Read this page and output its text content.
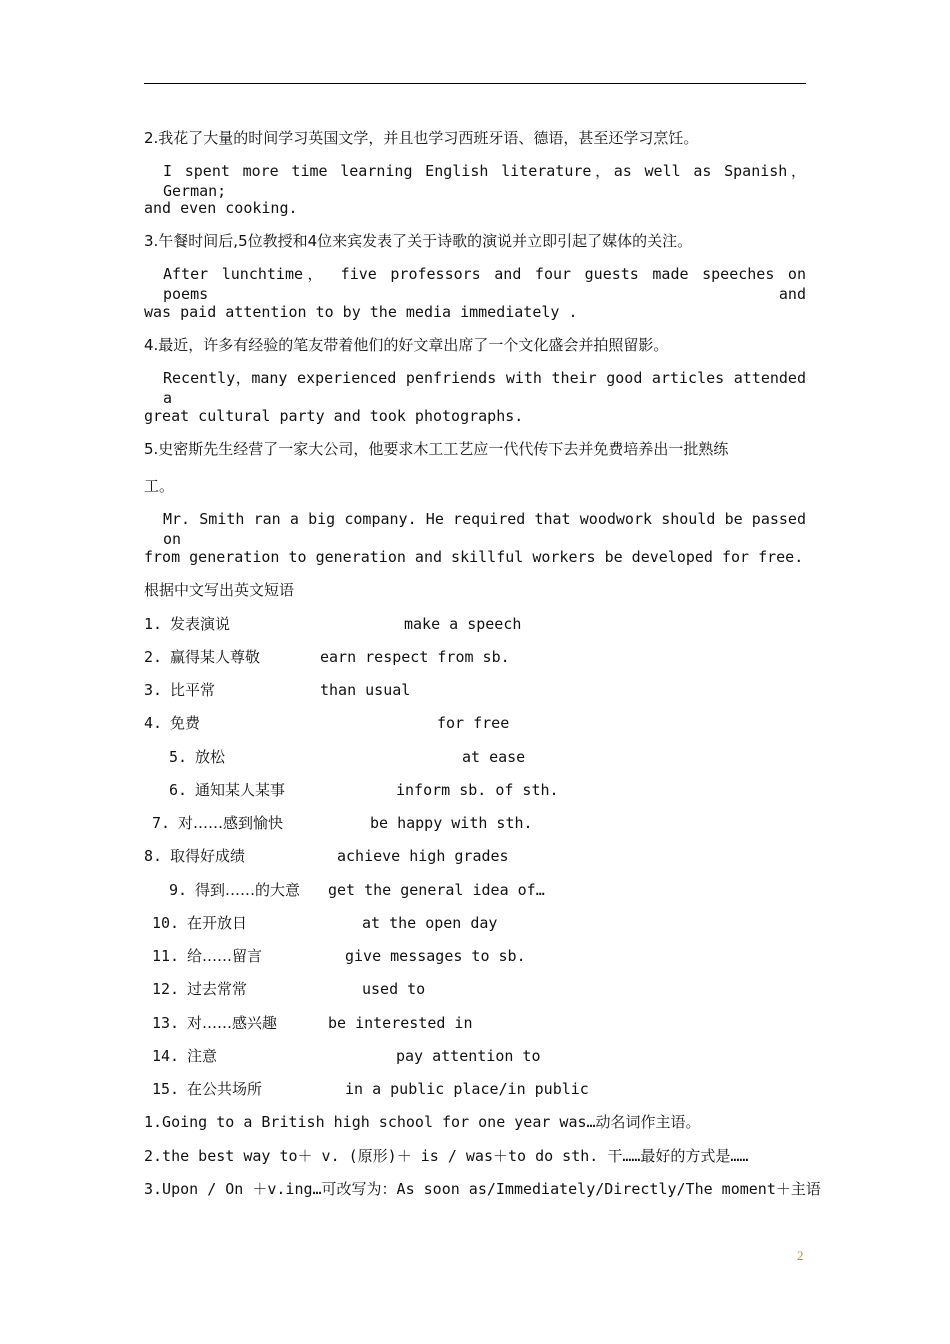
2.我花了大量的时间学习英国文学，并且也学习西班牙语、德语，甚至还学习烹饪。
I spent more time learning English literature，as well as Spanish，German;
and even cooking.
3.午餐时间后,5位教授和4位来宾发表了关于诗歌的演说并立即引起了媒体的关注。
After lunchtime， five professors and four guests made speeches on poems and
was paid attention to by the media immediately .
4.最近，许多有经验的笔友带着他们的好文章出席了一个文化盛会并拍照留影。
Recently，many experienced penfriends with their good articles attended a
great cultural party and took photographs.
5.史密斯先生经营了一家大公司，他要求木工工艺应一代代传下去并免费培养出一批熟练
工。
Mr. Smith ran a big company. He required that woodwork should be passed on
from generation to generation and skillful workers be developed for free.
根据中文写出英文短语
1. 发表演说	make a speech
2. 赢得某人尊敬	earn respect from sb.
3. 比平常	than usual
4. 免费	for free
5. 放松	at ease
6. 通知某人某事	inform sb. of sth.
7. 对……感到愉快	be happy with sth.
8. 取得好成绩	achieve high grades
9. 得到……的大意 get the general idea of…
10. 在开放日	at the open day
11. 给……留言	give messages to sb.
12. 过去常常	used to
13. 对……感兴趣	be interested in
14. 注意	pay attention to
15. 在公共场所	in a public place/in public
1.Going to a British high school for one year was…动名词作主语。
2.the best way to＋ v. (原形)＋ is / was＋to do sth. 干……最好的方式是……
3.Upon / On ＋v.ing…可改写为：As soon as/Immediately/Directly/The moment＋主语
2
